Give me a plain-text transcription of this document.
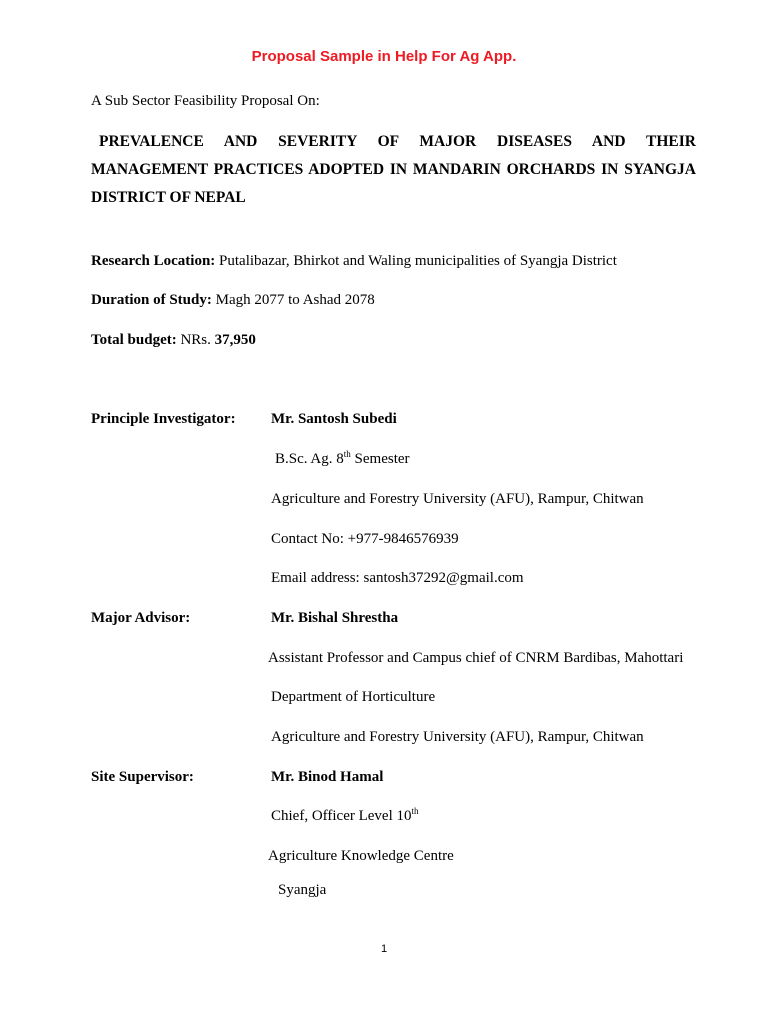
Proposal Sample in Help For Ag App.
A Sub Sector Feasibility Proposal On:
PREVALENCE AND SEVERITY OF MAJOR DISEASES AND THEIR MANAGEMENT PRACTICES ADOPTED IN MANDARIN ORCHARDS IN SYANGJA DISTRICT OF NEPAL
Research Location: Putalibazar, Bhirkot and Waling municipalities of Syangja District
Duration of Study: Magh 2077 to Ashad 2078
Total budget: NRs. 37,950
Principle Investigator: Mr. Santosh Subedi
B.Sc. Ag. 8th Semester
Agriculture and Forestry University (AFU), Rampur, Chitwan
Contact No: +977-9846576939
Email address: santosh37292@gmail.com
Major Advisor:	Mr. Bishal Shrestha
Assistant Professor and Campus chief of CNRM Bardibas, Mahottari
Department of Horticulture
Agriculture and Forestry University (AFU), Rampur, Chitwan
Site Supervisor:	Mr. Binod Hamal
Chief, Officer Level 10th
Agriculture Knowledge Centre
Syangja
1
